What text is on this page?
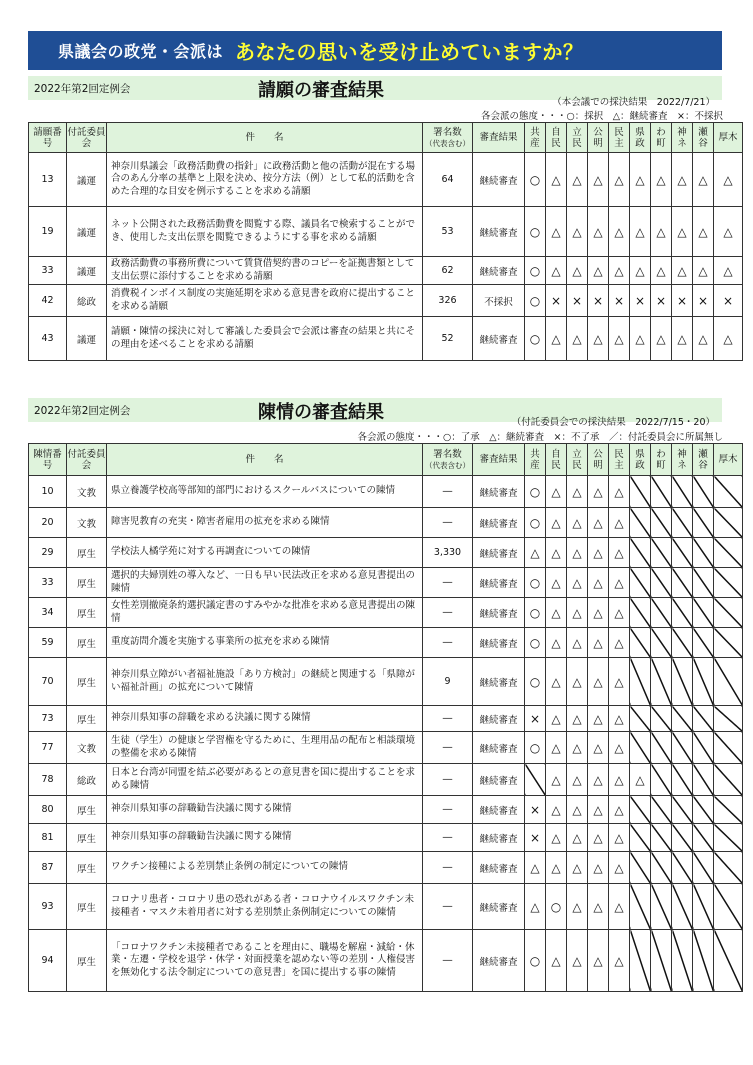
県議会の政党・会派は あなたの思いを受け止めていますか？
2022年第2回定例会	請願の審査結果
（本会議での採決結果　2022/7/21）
各会派の態度・・・○：採択　△：継続審査　×：不採択
請願番号	付託委員会	件　　名	署名数
（代表含む）	審査結果	共産	自民	立民	公明	民主	県政	わ町	神ネ	瀬谷	厚木
13	議運	神奈川県議会「政務活動費の指針」に政務活動と他の活動が混在する場合のあん分率の基準と上限を決め、按分方法（例）として私的活動を含めた合理的な目安を例示することを求める請願	64	継続審査	○	△	△	△	△	△	△	△	△	△
19	議運	ネット公開された政務活動費を閲覧する際、議員名で検索することができ、使用した支出伝票を閲覧できるようにする事を求める請願	53	継続審査	○	△	△	△	△	△	△	△	△	△
33	議運	政務活動費の事務所費について賃貸借契約書のコピーを証拠書類として支出伝票に添付することを求める請願	62	継続審査	○	△	△	△	△	△	△	△	△	△
42	総政	消費税インボイス制度の実施延期を求める意見書を政府に提出することを求める請願	326	不採択	○	×	×	×	×	×	×	×	×	×
43	議運	請願・陳情の採決に対して審議した委員会で会派は審査の結果と共にその理由を述べることを求める請願	52	継続審査	○	△	△	△	△	△	△	△	△	△
2022年第2回定例会	陳情の審査結果	（付託委員会での採決結果　2022/7/15・20）
各会派の態度・・・○：了承　△：継続審査　×：不了承　／：付託委員会に所属無し
陳情番号	付託委員会	件　　名	署名数
（代表含む）	審査結果	共産	自民	立民	公明	民主	県政	わ町	神ネ	瀬谷	厚木
10	文教	県立養護学校高等部知的部門におけるスクールバスについての陳情	―	継続審査	○	△	△	△	△					
20	文教	障害児教育の充実・障害者雇用の拡充を求める陳情	―	継続審査	○	△	△	△	△					
29	厚生	学校法人橘学苑に対する再調査についての陳情	3,330	継続審査	△	△	△	△	△					
33	厚生	選択的夫婦別姓の導入など、一日も早い民法改正を求める意見書提出の陳情	―	継続審査	○	△	△	△	△					
34	厚生	女性差別撤廃条約選択議定書のすみやかな批准を求める意見書提出の陳情	―	継続審査	○	△	△	△	△					
59	厚生	重度訪問介護を実施する事業所の拡充を求める陳情	―	継続審査	○	△	△	△	△					
70	厚生	神奈川県立障がい者福祉施設「あり方検討」の継続と関連する「県障がい福祉計画」の拡充について陳情	9	継続審査	○	△	△	△	△					
73	厚生	神奈川県知事の辞職を求める決議に関する陳情	―	継続審査	×	△	△	△	△					
77	文教	生徒（学生）の健康と学習権を守るために、生理用品の配布と相談環境の整備を求める陳情	―	継続審査	○	△	△	△	△					
78	総政	日本と台湾が同盟を結ぶ必要があるとの意見書を国に提出することを求める陳情	―	継続審査		△	△	△	△	△				
80	厚生	神奈川県知事の辞職勧告決議に関する陳情	―	継続審査	×	△	△	△	△					
81	厚生	神奈川県知事の辞職勧告決議に関する陳情	―	継続審査	×	△	△	△	△					
87	厚生	ワクチン接種による差別禁止条例の制定についての陳情	―	継続審査	△	△	△	△	△					
93	厚生	コロナリ患者・コロナリ患の恐れがある者・コロナウイルスワクチン未接種者・マスク未着用者に対する差別禁止条例制定についての陳情	―	継続審査	△	○	△	△	△					
94	厚生	「コロナワクチン未接種者であることを理由に、職場を解雇・減給・休業・左遷・学校を退学・休学・対面授業を認めない等の差別・人権侵害を無効化する法令制定についての意見書」を国に提出する事の陳情	―	継続審査	○	△	△	△	△					
